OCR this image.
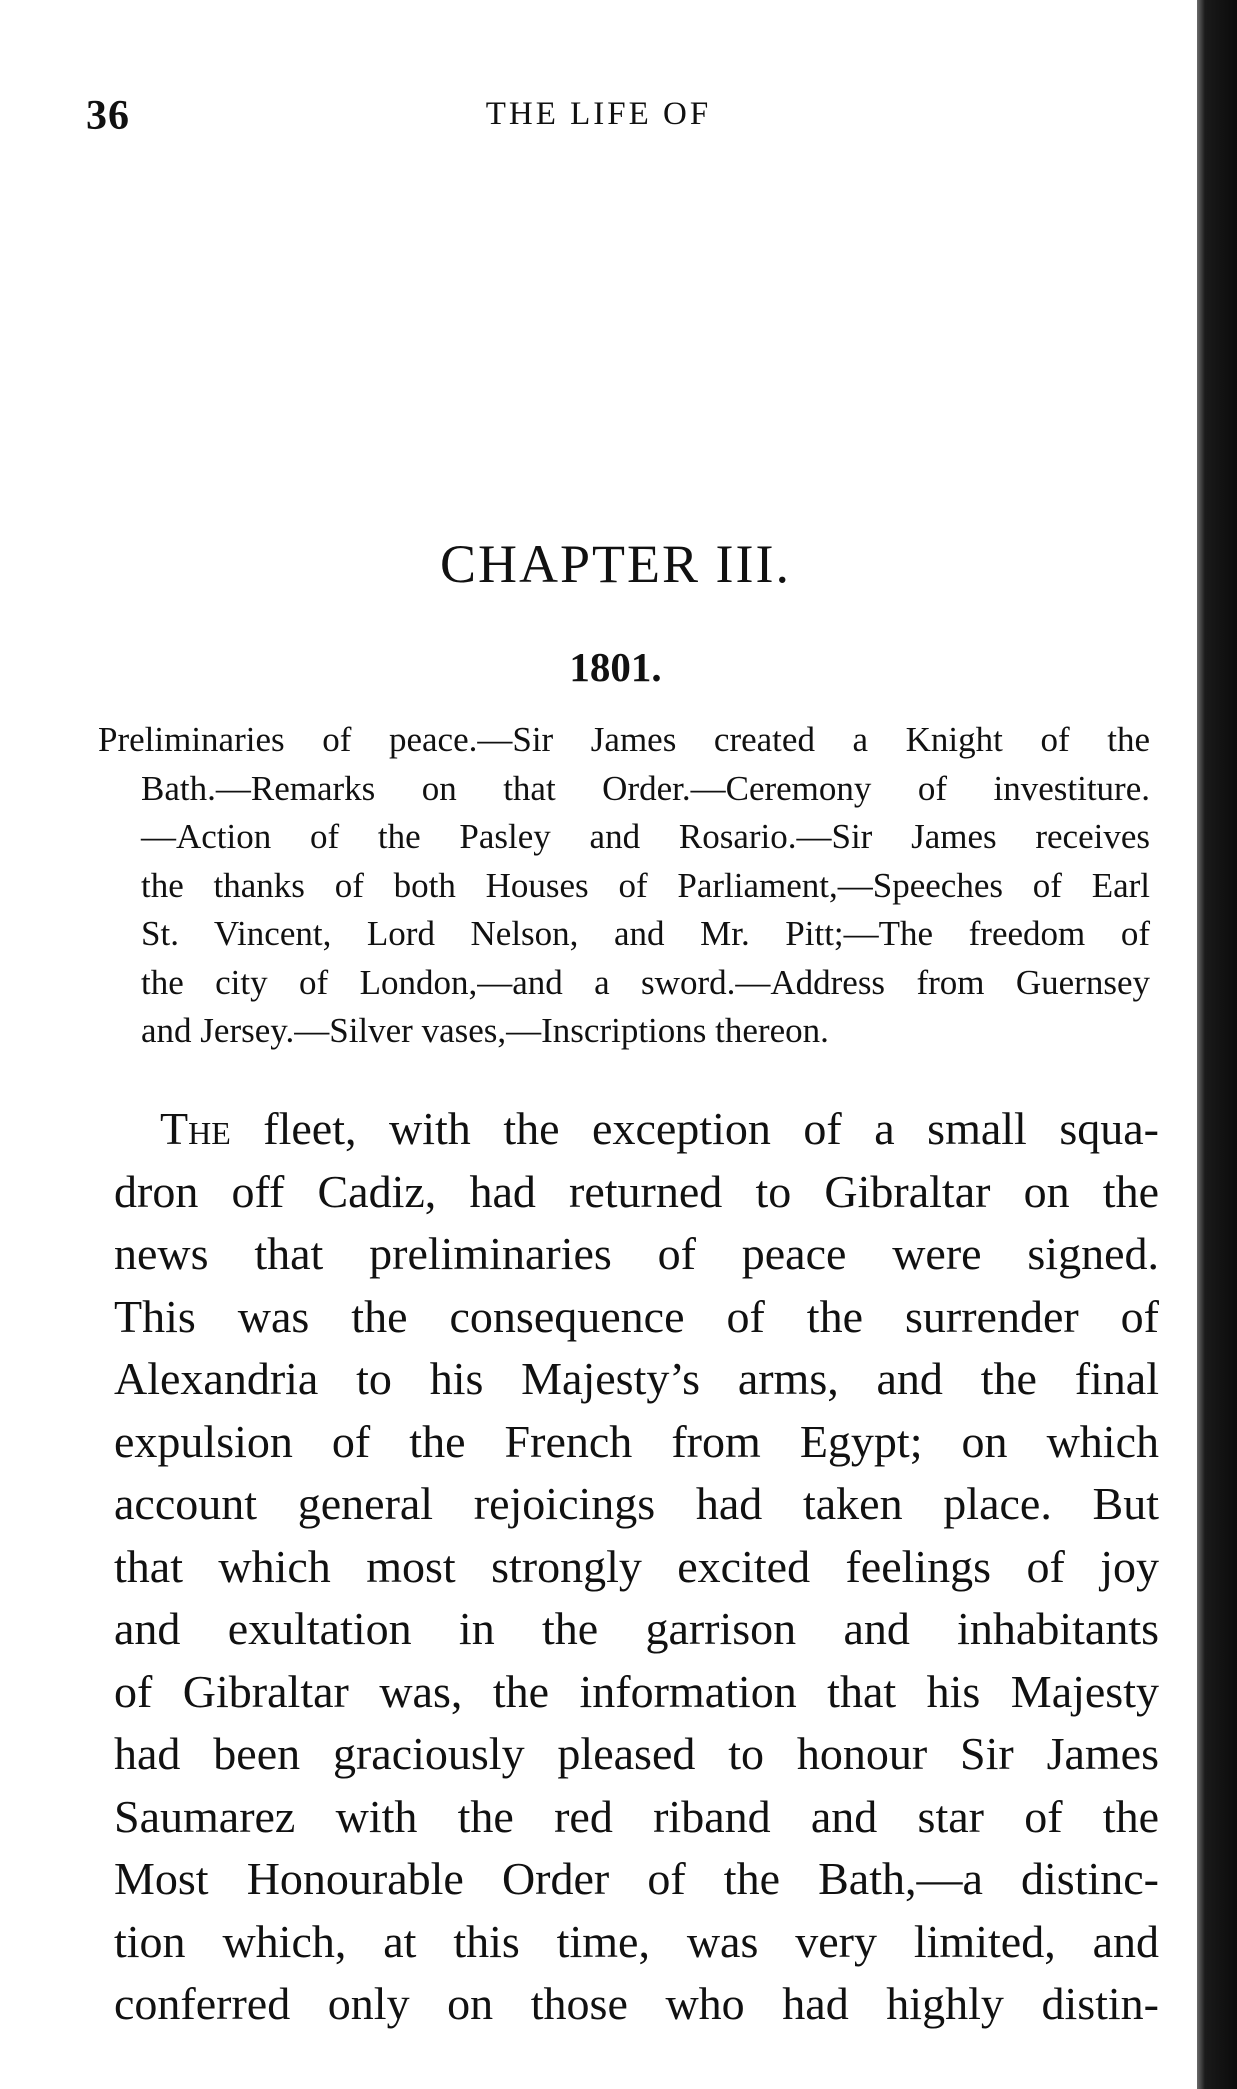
36	THE LIFE OF
CHAPTER III.
1801.
Preliminaries of peace.—Sir James created a Knight of the
Bath.—Remarks on that Order.—Ceremony of investiture.
—Action of the Pasley and Rosario.—Sir James receives
the thanks of both Houses of Parliament,—Speeches of Earl
St. Vincent, Lord Nelson, and Mr. Pitt;—The freedom of
the city of London,—and a sword.—Address from Guernsey
and Jersey.—Silver vases,—Inscriptions thereon.
The fleet, with the exception of a small squa-
dron off Cadiz, had returned to Gibraltar on the
news that preliminaries of peace were signed.
This was the consequence of the surrender of
Alexandria to his Majesty’s arms, and the final
expulsion of the French from Egypt; on which
account general rejoicings had taken place. But
that which most strongly excited feelings of joy
and exultation in the garrison and inhabitants
of Gibraltar was, the information that his Majesty
had been graciously pleased to honour Sir James
Saumarez with the red riband and star of the
Most Honourable Order of the Bath,—a distinc-
tion which, at this time, was very limited, and
conferred only on those who had highly distin-
